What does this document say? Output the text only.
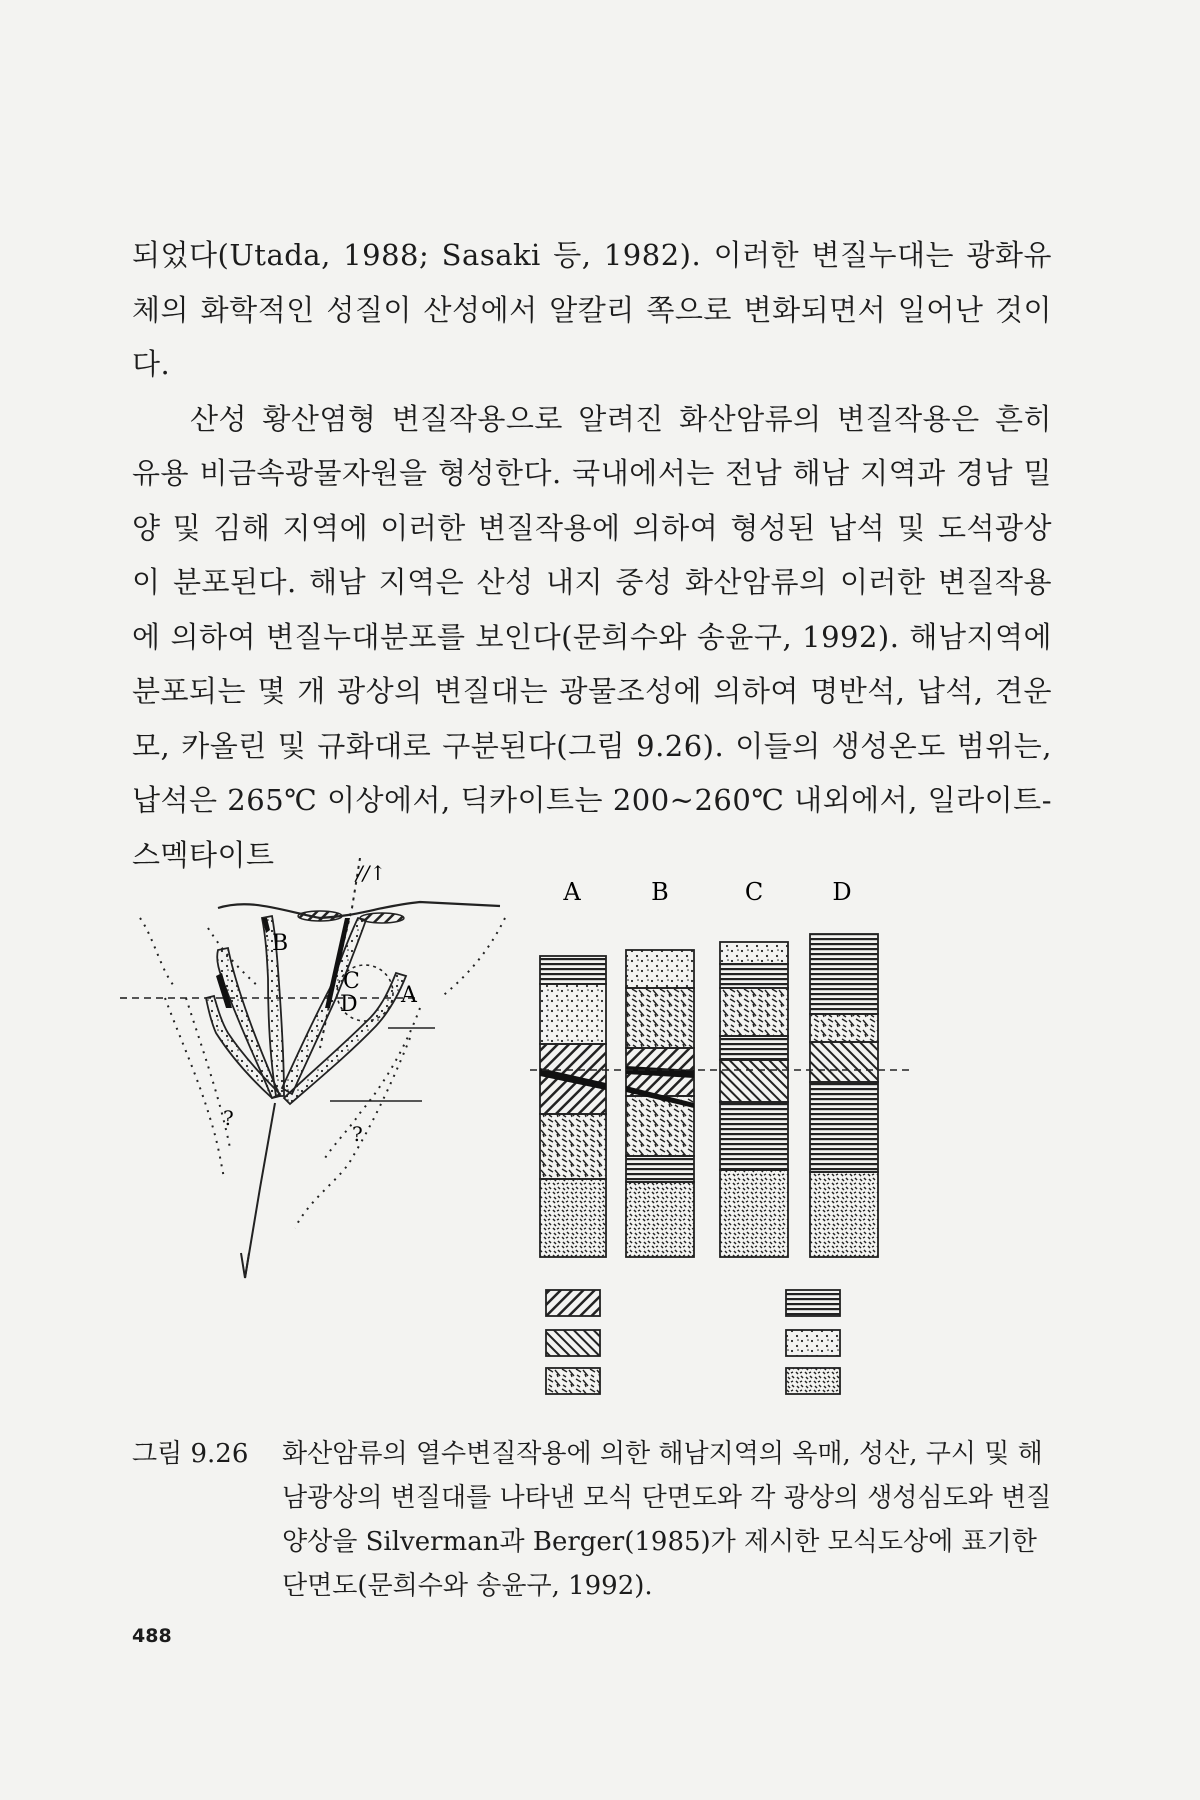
되었다(Utada, 1988; Sasaki 등, 1982). 이러한 변질누대는 광화유체의 화학적인 성질이 산성에서 알칼리 쪽으로 변화되면서 일어난 것이다.

산성 황산염형 변질작용으로 알려진 화산암류의 변질작용은 흔히 유용 비금속광물자원을 형성한다. 국내에서는 전남 해남 지역과 경남 밀양 및 김해 지역에 이러한 변질작용에 의하여 형성된 납석 및 도석광상이 분포된다. 해남 지역은 산성 내지 중성 화산암류의 이러한 변질작용에 의하여 변질누대분포를 보인다(문희수와 송윤구, 1992). 해남지역에 분포되는 몇 개 광상의 변질대는 광물조성에 의하여 명반석, 납석, 견운모, 카올린 및 규화대로 구분된다(그림 9.26). 이들의 생성온도 범위는, 납석은 265℃ 이상에서, 딕카이트는 200~260℃ 내외에서, 일라이트-스멕타이트

//↑
B
C
D A
?
?
A	B	C	D
그림 9.26	화산암류의 열수변질작용에 의한 해남지역의 옥매, 성산, 구시 및 해남광상의 변질대를 나타낸 모식 단면도와 각 광상의 생성심도와 변질양상을 Silverman과 Berger(1985)가 제시한 모식도상에 표기한 단면도(문희수와 송윤구, 1992).

488
